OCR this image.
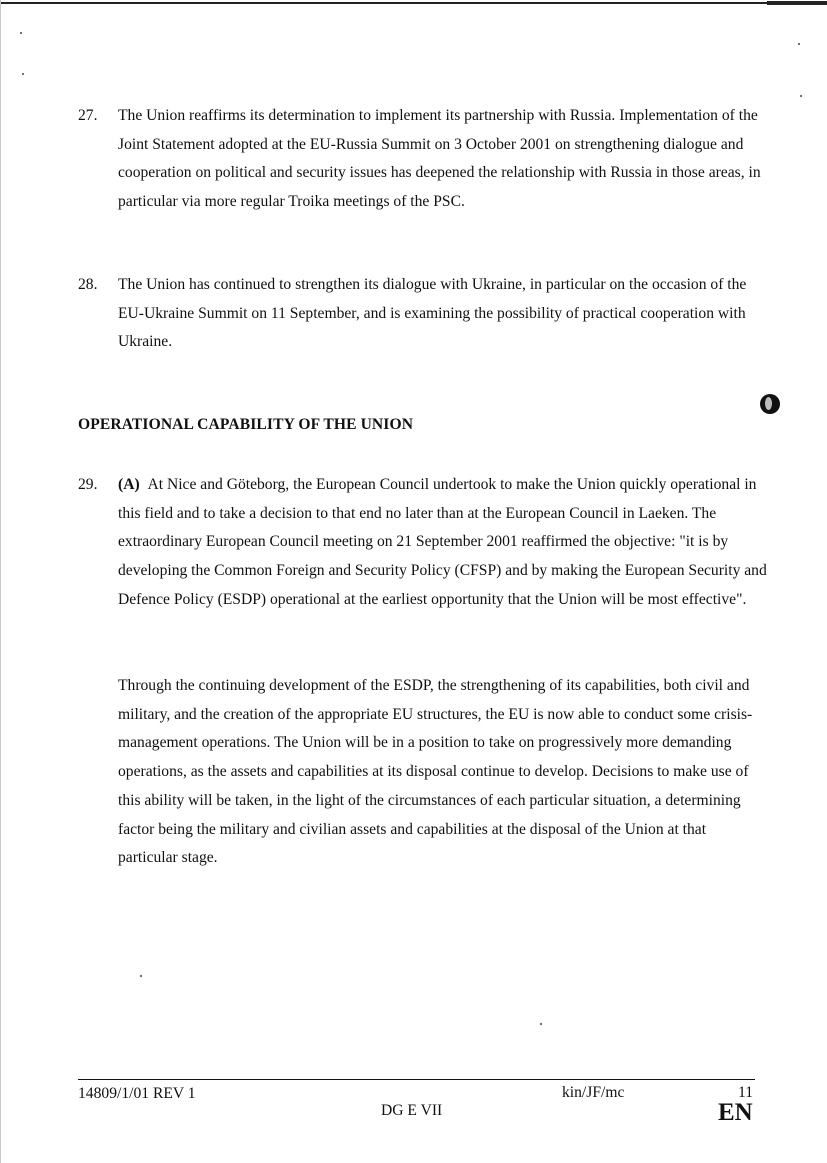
27. The Union reaffirms its determination to implement its partnership with Russia. Implementation of the Joint Statement adopted at the EU-Russia Summit on 3 October 2001 on strengthening dialogue and cooperation on political and security issues has deepened the relationship with Russia in those areas, in particular via more regular Troika meetings of the PSC.
28. The Union has continued to strengthen its dialogue with Ukraine, in particular on the occasion of the EU-Ukraine Summit on 11 September, and is examining the possibility of practical cooperation with Ukraine.
OPERATIONAL CAPABILITY OF THE UNION
29. (A) At Nice and Göteborg, the European Council undertook to make the Union quickly operational in this field and to take a decision to that end no later than at the European Council in Laeken. The extraordinary European Council meeting on 21 September 2001 reaffirmed the objective: "it is by developing the Common Foreign and Security Policy (CFSP) and by making the European Security and Defence Policy (ESDP) operational at the earliest opportunity that the Union will be most effective".
Through the continuing development of the ESDP, the strengthening of its capabilities, both civil and military, and the creation of the appropriate EU structures, the EU is now able to conduct some crisis-management operations. The Union will be in a position to take on progressively more demanding operations, as the assets and capabilities at its disposal continue to develop. Decisions to make use of this ability will be taken, in the light of the circumstances of each particular situation, a determining factor being the military and civilian assets and capabilities at the disposal of the Union at that particular stage.
14809/1/01 REV 1
DG E VII
kin/JF/mc	11
EN
